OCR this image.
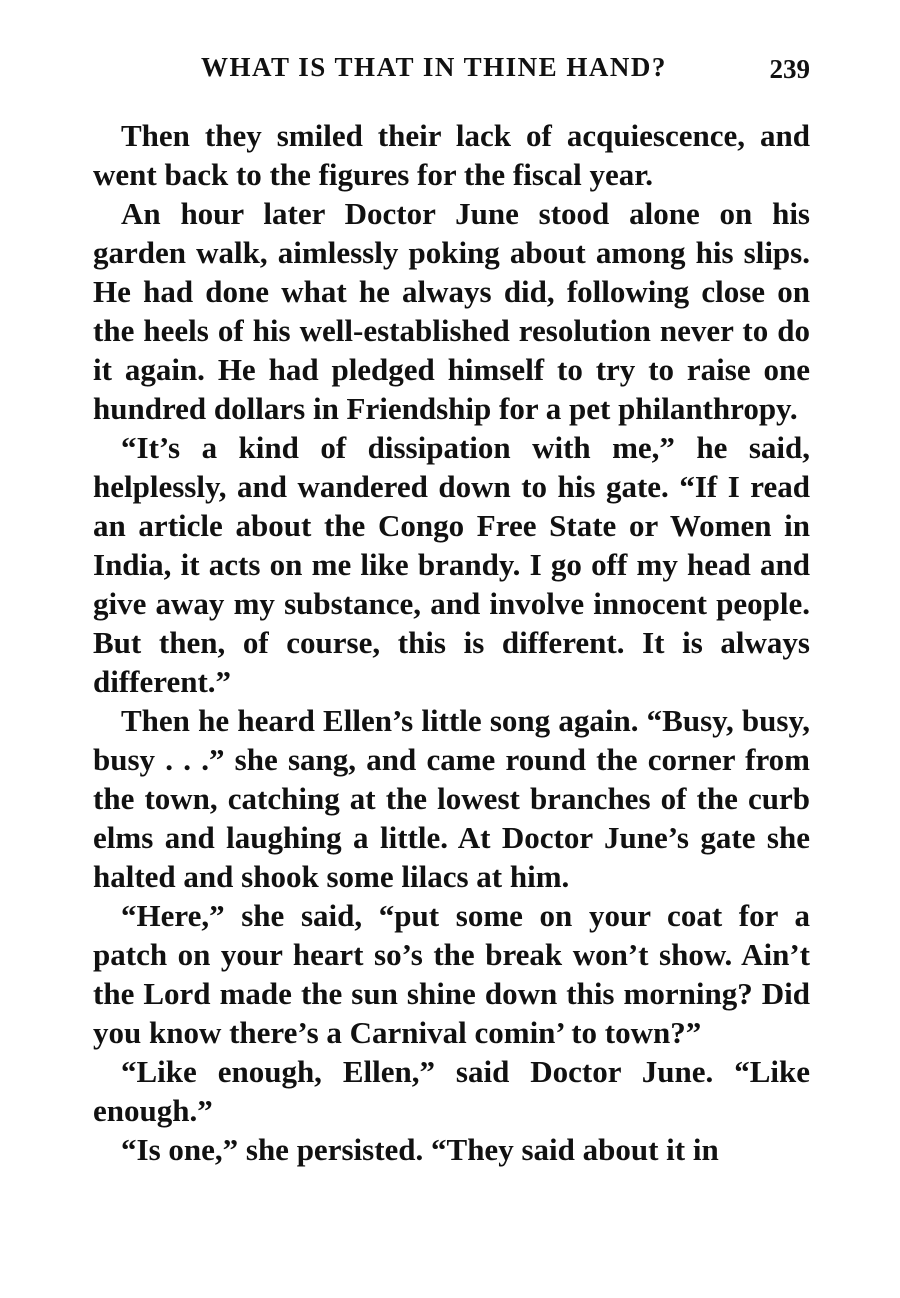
WHAT IS THAT IN THINE HAND?	239

Then they smiled their lack of acquiescence, and went back to the figures for the fiscal year.

An hour later Doctor June stood alone on his garden walk, aimlessly poking about among his slips. He had done what he always did, following close on the heels of his well-established resolution never to do it again. He had pledged himself to try to raise one hundred dollars in Friendship for a pet philanthropy.

“It’s a kind of dissipation with me,” he said, helplessly, and wandered down to his gate. “If I read an article about the Congo Free State or Women in India, it acts on me like brandy. I go off my head and give away my substance, and involve innocent people. But then, of course, this is different. It is always different.”

Then he heard Ellen’s little song again. “Busy, busy, busy . . .” she sang, and came round the corner from the town, catching at the lowest branches of the curb elms and laughing a little. At Doctor June’s gate she halted and shook some lilacs at him.

“Here,” she said, “put some on your coat for a patch on your heart so’s the break won’t show. Ain’t the Lord made the sun shine down this morning? Did you know there’s a Carnival comin’ to town?”

“Like enough, Ellen,” said Doctor June. “Like enough.”

“Is one,” she persisted. “They said about it in
